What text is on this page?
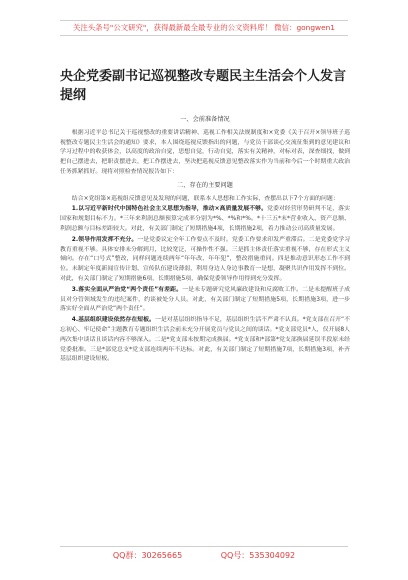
关注头条号"公文研究"，获得最新最全最专业的公文资料库！ 微信：gongwen1
央企党委副书记巡视整改专题民主生活会个人发言提纲
一、会前准备情况

根据习近平总书记关于巡视整改的重要讲话精神、巡视工作相关法规制度和×党委《关于召开×领导班子巡视整改专题民主生活会的通知》要求，本人围绕巡视反馈指出的问题，与党员干部谈心交流征集到的意见建议和学习过程中的收获体会，以高度的政治自觉，思想自觉，行动自觉，落实有关精神，对标对表，深查细找，做到把自己摆进去，把职责摆进去，把工作摆进去，坚决把巡视反馈意见整改落实作为当前和今后一个时期重大政治任务抓紧抓好。现将对照检查情况报告如下：

二、存在的主要问题

结合×党组第×巡视组反馈意见及发现的问题，联系本人思想和工作实际，查摆出以下7个方面的问题：

1.以习近平新时代中国特色社会主义思想为指导，推动×高质量发展不够。党委对经营形势研判不足，落实国家和规划目标不力。*三年来利润总额预算完成率分别为*%、*%和*%。*十三五*末*营业收入、资产总额、利润总额与目标差距较大。对此，有关部门制定了短期措施4项，长期措施2项，着力推动公司高质量发展。

2.领导作用发挥不充分。一是党委议定全年工作要点不及时。党委工作要求印发严重滞后。二是党委党学习教育重视不够。具体安排未分解到月，比较宽泛，可操作性不强。三是抓主体责任落实重视不够，存在形式主义倾向。存在“口号式”整改，同样问题连续两年“年年改、年年犯”，整改措施重同。四是推动意识形态工作不到位。未制定年度新闻宣传计划、宣传队伍建设薄弱，利用身边人身边事教育一是想，凝聚共识作用发挥不到位。对此，有关部门制定了短期措施6项，长期措施5项，确保党委领导作用得到充分发挥。

3.落实全面从严治党“两个责任”有差距。一是未专题研究党风廉政建设和反腐败工作。二是未提醒班子成员对分管领域发生的违纪案件，约谈被处分人员。对此，有关部门制定了短期措施5项，长期措施3项，进一步落实好全面从严治党“两个责任”。

4.基层组织建设依然存在短板。一是对基层组织指导不足，基层组织生活不严肃不认真。*党支部在召开“不忘初心、牢记使命”主题教育专题组织生活会前未充分开展党员与党员之间的谈话。*党支部党员*人，仅开展8人两次集中谈话且谈话内容不够深入。二是*党支部未按期完成换届。*党支部和*部第*党支部换届延误半段原未经党委批准。三是*部党总支*党支部连续两年不达标。对此，有关部门制定了短期措施7项，长期措施3项，补齐基层组织建设短板。

QQ群：30265665	QQ号：535304092
